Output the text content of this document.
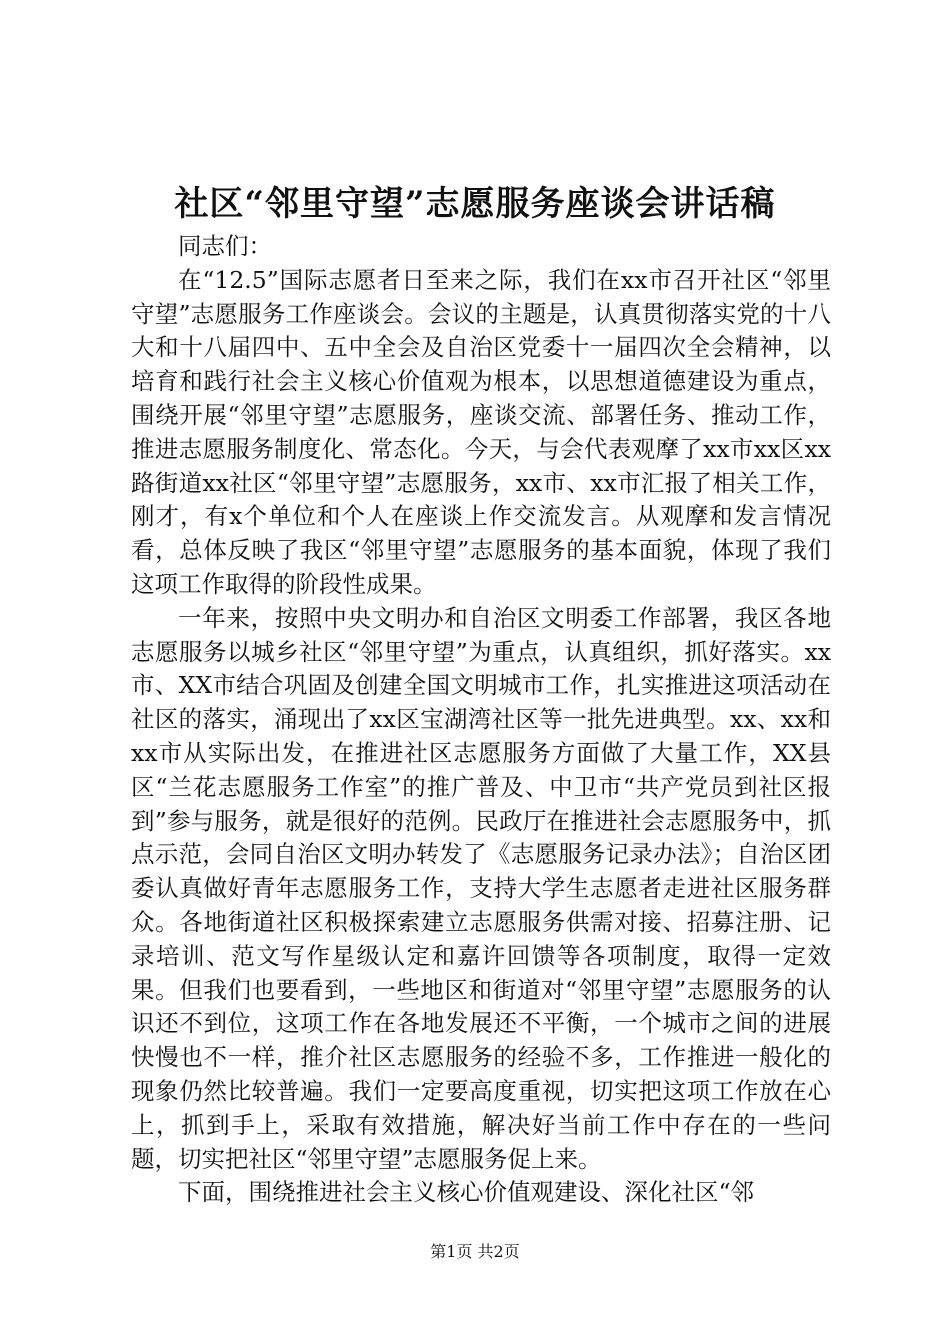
社区“邻里守望”志愿服务座谈会讲话稿

同志们：

在“12.5”国际志愿者日至来之际，我们在xx市召开社区“邻里守望”志愿服务工作座谈会。会议的主题是，认真贯彻落实党的十八大和十八届四中、五中全会及自治区党委十一届四次全会精神，以培育和践行社会主义核心价值观为根本，以思想道德建设为重点，围绕开展“邻里守望”志愿服务，座谈交流、部署任务、推动工作，推进志愿服务制度化、常态化。今天，与会代表观摩了xx市xx区xx路街道xx社区“邻里守望”志愿服务，xx市、xx市汇报了相关工作，刚才，有x个单位和个人在座谈上作交流发言。从观摩和发言情况看，总体反映了我区“邻里守望”志愿服务的基本面貌，体现了我们这项工作取得的阶段性成果。

一年来，按照中央文明办和自治区文明委工作部署，我区各地志愿服务以城乡社区“邻里守望”为重点，认真组织，抓好落实。xx市、XX市结合巩固及创建全国文明城市工作，扎实推进这项活动在社区的落实，涌现出了xx区宝湖湾社区等一批先进典型。xx、xx和xx市从实际出发，在推进社区志愿服务方面做了大量工作，XX县区“兰花志愿服务工作室”的推广普及、中卫市“共产党员到社区报到”参与服务，就是很好的范例。民政厅在推进社会志愿服务中，抓点示范，会同自治区文明办转发了《志愿服务记录办法》；自治区团委认真做好青年志愿服务工作，支持大学生志愿者走进社区服务群众。各地街道社区积极探索建立志愿服务供需对接、招募注册、记录培训、范文写作星级认定和嘉许回馈等各项制度，取得一定效果。但我们也要看到，一些地区和街道对“邻里守望”志愿服务的认识还不到位，这项工作在各地发展还不平衡，一个城市之间的进展快慢也不一样，推介社区志愿服务的经验不多，工作推进一般化的现象仍然比较普遍。我们一定要高度重视，切实把这项工作放在心上，抓到手上，采取有效措施，解决好当前工作中存在的一些问题，切实把社区“邻里守望”志愿服务促上来。

下面，围绕推进社会主义核心价值观建设、深化社区“邻

第1页 共2页
